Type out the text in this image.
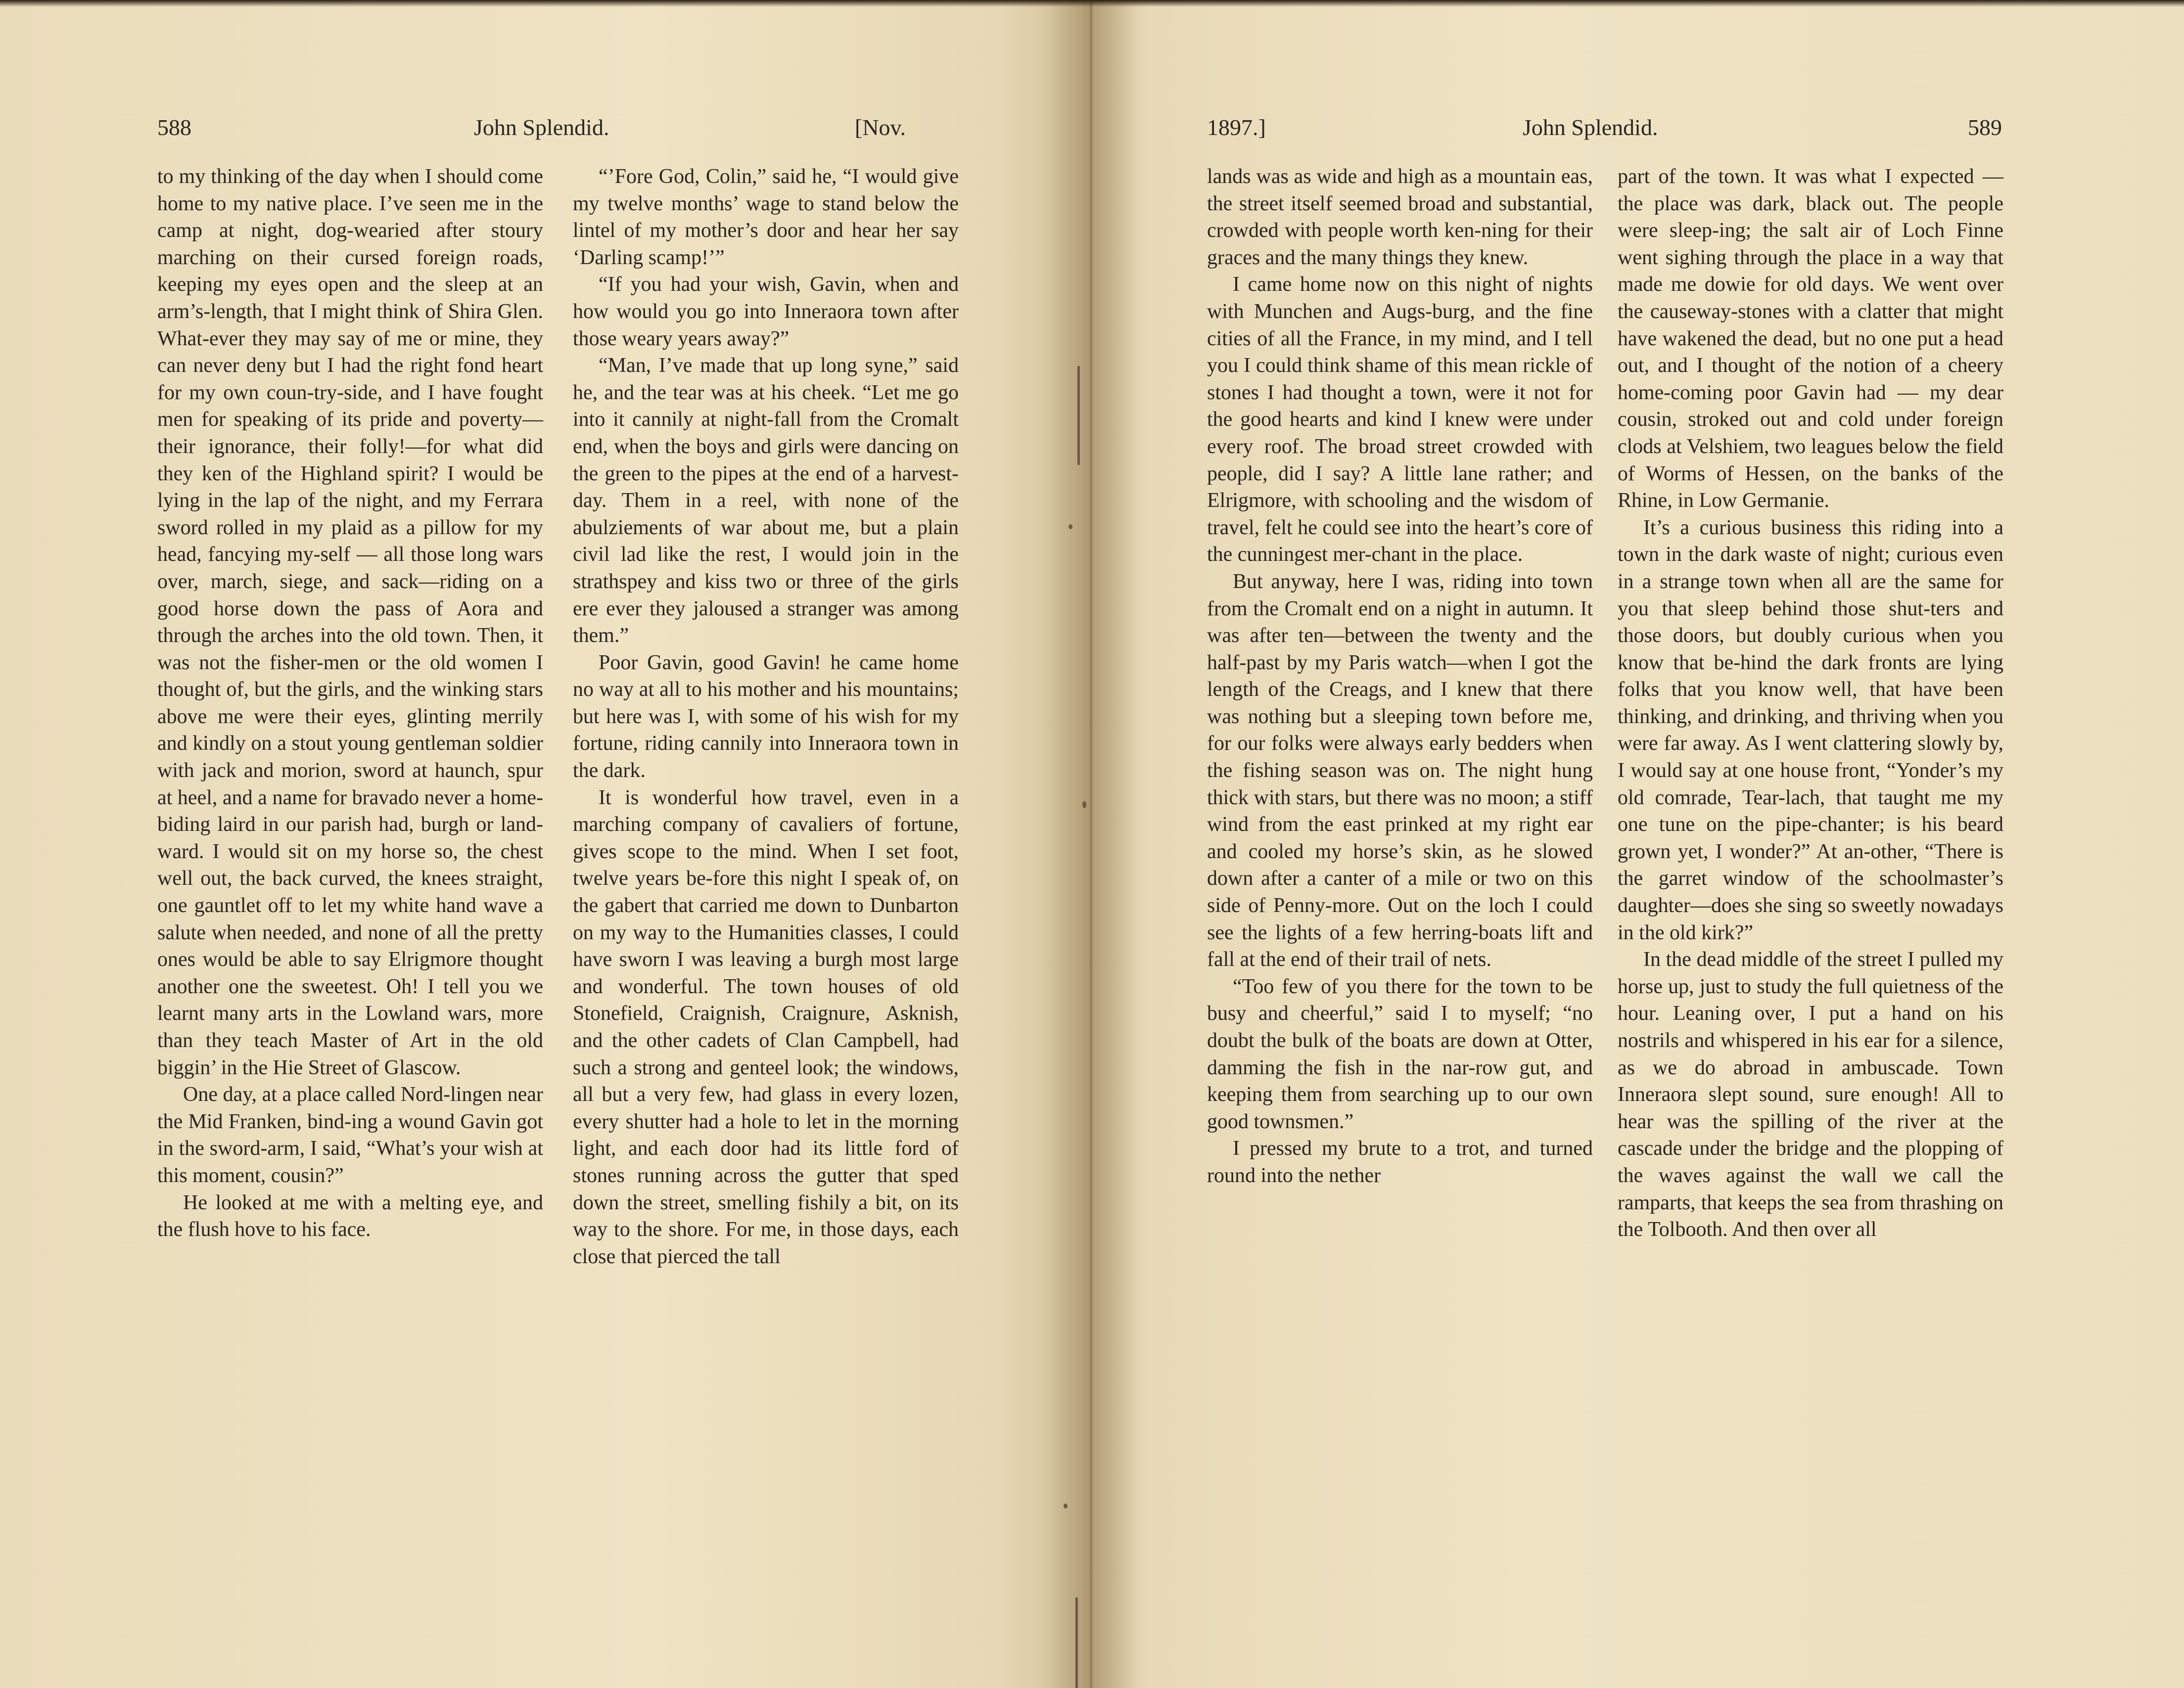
588	John Splendid.	[Nov.

to my thinking of the day when I should come home to my native place. I’ve seen me in the camp at night, dog-wearied after stoury marching on their cursed foreign roads, keeping my eyes open and the sleep at an arm’s-length, that I might think of Shira Glen. What-ever they may say of me or mine, they can never deny but I had the right fond heart for my own coun-try-side, and I have fought men for speaking of its pride and poverty—their ignorance, their folly!—for what did they ken of the Highland spirit? I would be lying in the lap of the night, and my Ferrara sword rolled in my plaid as a pillow for my head, fancying my-self — all those long wars over, march, siege, and sack—riding on a good horse down the pass of Aora and through the arches into the old town. Then, it was not the fisher-men or the old women I thought of, but the girls, and the winking stars above me were their eyes, glinting merrily and kindly on a stout young gentleman soldier with jack and morion, sword at haunch, spur at heel, and a name for bravado never a home-biding laird in our parish had, burgh or land-ward. I would sit on my horse so, the chest well out, the back curved, the knees straight, one gauntlet off to let my white hand wave a salute when needed, and none of all the pretty ones would be able to say Elrigmore thought another one the sweetest. Oh! I tell you we learnt many arts in the Lowland wars, more than they teach Master of Art in the old biggin’ in the Hie Street of Glascow.

One day, at a place called Nord-lingen near the Mid Franken, bind-ing a wound Gavin got in the sword-arm, I said, “What’s your wish at this moment, cousin?”

He looked at me with a melting eye, and the flush hove to his face.

“’Fore God, Colin,” said he, “I would give my twelve months’ wage to stand below the lintel of my mother’s door and hear her say ‘Darling scamp!’”

“If you had your wish, Gavin, when and how would you go into Inneraora town after those weary years away?”

“Man, I’ve made that up long syne,” said he, and the tear was at his cheek. “Let me go into it cannily at night-fall from the Cromalt end, when the boys and girls were dancing on the green to the pipes at the end of a harvest-day. Them in a reel, with none of the abulziements of war about me, but a plain civil lad like the rest, I would join in the strathspey and kiss two or three of the girls ere ever they jaloused a stranger was among them.”

Poor Gavin, good Gavin! he came home no way at all to his mother and his mountains; but here was I, with some of his wish for my fortune, riding cannily into Inneraora town in the dark.

It is wonderful how travel, even in a marching company of cavaliers of fortune, gives scope to the mind. When I set foot, twelve years be-fore this night I speak of, on the gabert that carried me down to Dunbarton on my way to the Humanities classes, I could have sworn I was leaving a burgh most large and wonderful. The town houses of old Stonefield, Craignish, Craignure, Asknish, and the other cadets of Clan Campbell, had such a strong and genteel look; the windows, all but a very few, had glass in every lozen, every shutter had a hole to let in the morning light, and each door had its little ford of stones running across the gutter that sped down the street, smelling fishily a bit, on its way to the shore. For me, in those days, each close that pierced the tall

1897.]	John Splendid.	589

lands was as wide and high as a mountain eas, the street itself seemed broad and substantial, crowded with people worth ken-ning for their graces and the many things they knew.

I came home now on this night of nights with Munchen and Augs-burg, and the fine cities of all the France, in my mind, and I tell you I could think shame of this mean rickle of stones I had thought a town, were it not for the good hearts and kind I knew were under every roof. The broad street crowded with people, did I say? A little lane rather; and Elrigmore, with schooling and the wisdom of travel, felt he could see into the heart’s core of the cunningest mer-chant in the place.

But anyway, here I was, riding into town from the Cromalt end on a night in autumn. It was after ten—between the twenty and the half-past by my Paris watch—when I got the length of the Creags, and I knew that there was nothing but a sleeping town before me, for our folks were always early bedders when the fishing season was on. The night hung thick with stars, but there was no moon; a stiff wind from the east prinked at my right ear and cooled my horse’s skin, as he slowed down after a canter of a mile or two on this side of Penny-more. Out on the loch I could see the lights of a few herring-boats lift and fall at the end of their trail of nets.

“Too few of you there for the town to be busy and cheerful,” said I to myself; “no doubt the bulk of the boats are down at Otter, damming the fish in the nar-row gut, and keeping them from searching up to our own good townsmen.”

I pressed my brute to a trot, and turned round into the nether

part of the town. It was what I expected — the place was dark, black out. The people were sleep-ing; the salt air of Loch Finne went sighing through the place in a way that made me dowie for old days. We went over the causeway-stones with a clatter that might have wakened the dead, but no one put a head out, and I thought of the notion of a cheery home-coming poor Gavin had — my dear cousin, stroked out and cold under foreign clods at Velshiem, two leagues below the field of Worms of Hessen, on the banks of the Rhine, in Low Germanie.

It’s a curious business this riding into a town in the dark waste of night; curious even in a strange town when all are the same for you that sleep behind those shut-ters and those doors, but doubly curious when you know that be-hind the dark fronts are lying folks that you know well, that have been thinking, and drinking, and thriving when you were far away. As I went clattering slowly by, I would say at one house front, “Yonder’s my old comrade, Tear-lach, that taught me my one tune on the pipe-chanter; is his beard grown yet, I wonder?” At an-other, “There is the garret window of the schoolmaster’s daughter—does she sing so sweetly nowadays in the old kirk?”

In the dead middle of the street I pulled my horse up, just to study the full quietness of the hour. Leaning over, I put a hand on his nostrils and whispered in his ear for a silence, as we do abroad in ambuscade. Town Inneraora slept sound, sure enough! All to hear was the spilling of the river at the cascade under the bridge and the plopping of the waves against the wall we call the ramparts, that keeps the sea from thrashing on the Tolbooth. And then over all
